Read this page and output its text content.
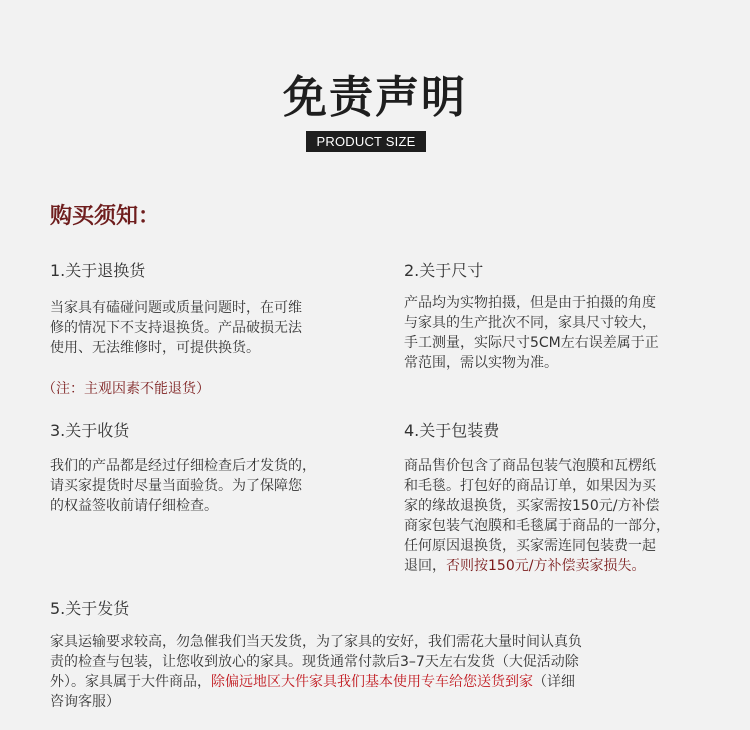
免责声明
PRODUCT SIZE
购买须知：
1.关于退换货
当家具有磕碰问题或质量问题时，在可维
修的情况下不支持退换货。产品破损无法
使用、无法维修时，可提供换货。
（注：主观因素不能退货）
2.关于尺寸
产品均为实物拍摄，但是由于拍摄的角度
与家具的生产批次不同，家具尺寸较大，
手工测量，实际尺寸5CM左右误差属于正
常范围，需以实物为准。
3.关于收货
我们的产品都是经过仔细检查后才发货的，
请买家提货时尽量当面验货。为了保障您
的权益签收前请仔细检查。
4.关于包装费
商品售价包含了商品包装气泡膜和瓦楞纸
和毛毯。打包好的商品订单，如果因为买
家的缘故退换货，买家需按150元/方补偿
商家包装气泡膜和毛毯属于商品的一部分，
任何原因退换货，买家需连同包装费一起
退回，否则按150元/方补偿卖家损失。
5.关于发货
家具运输要求较高，勿急催我们当天发货，为了家具的安好，我们需花大量时间认真负
责的检查与包装，让您收到放心的家具。现货通常付款后3–7天左右发货（大促活动除
外）。家具属于大件商品，除偏远地区大件家具我们基本使用专车给您送货到家（详细
咨询客服）
